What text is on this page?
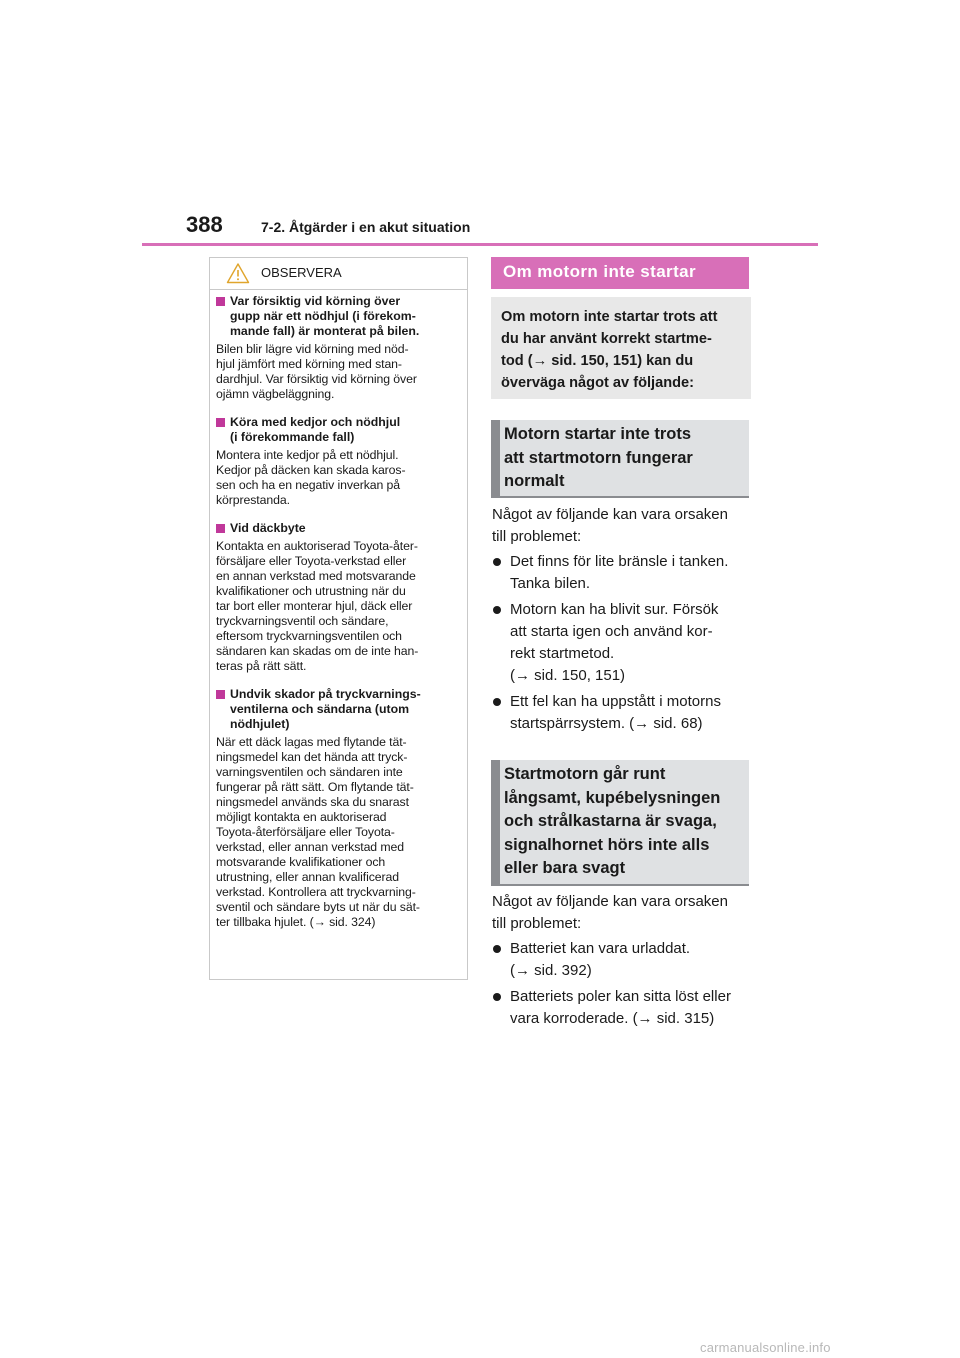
388	7-2. Åtgärder i en akut situation
OBSERVERA
Var försiktig vid körning över
gupp när ett nödhjul (i förekom-
mande fall) är monterat på bilen.
Bilen blir lägre vid körning med nöd-
hjul jämfört med körning med stan-
dardhjul. Var försiktig vid körning över
ojämn vägbeläggning.
Köra med kedjor och nödhjul
(i förekommande fall)
Montera inte kedjor på ett nödhjul.
Kedjor på däcken kan skada karos-
sen och ha en negativ inverkan på
körprestanda.
Vid däckbyte
Kontakta en auktoriserad Toyota-åter-
försäljare eller Toyota-verkstad eller
en annan verkstad med motsvarande
kvalifikationer och utrustning när du
tar bort eller monterar hjul, däck eller
tryckvarningsventil och sändare,
eftersom tryckvarningsventilen och
sändaren kan skadas om de inte han-
teras på rätt sätt.
Undvik skador på tryckvarnings-
ventilerna och sändarna (utom
nödhjulet)
När ett däck lagas med flytande tät-
ningsmedel kan det hända att tryck-
varningsventilen och sändaren inte
fungerar på rätt sätt. Om flytande tät-
ningsmedel används ska du snarast
möjligt kontakta en auktoriserad
Toyota-återförsäljare eller Toyota-
verkstad, eller annan verkstad med
motsvarande kvalifikationer och
utrustning, eller annan kvalificerad
verkstad. Kontrollera att tryckvarning-
sventil och sändare byts ut när du sät-
ter tillbaka hjulet. (→ sid. 324)
Om motorn inte startar
Om motorn inte startar trots att
du har använt korrekt startme-
tod (→ sid. 150, 151) kan du
överväga något av följande:
Motorn startar inte trots
att startmotorn fungerar
normalt
Något av följande kan vara orsaken
till problemet:
Det finns för lite bränsle i tanken.
Tanka bilen.
Motorn kan ha blivit sur. Försök
att starta igen och använd kor-
rekt startmetod.
(→ sid. 150, 151)
Ett fel kan ha uppstått i motorns
startspärrsystem. (→ sid. 68)
Startmotorn går runt
långsamt, kupébelysningen
och strålkastarna är svaga,
signalhornet hörs inte alls
eller bara svagt
Något av följande kan vara orsaken
till problemet:
Batteriet kan vara urladdat.
(→ sid. 392)
Batteriets poler kan sitta löst eller
vara korroderade. (→ sid. 315)
carmanualsonline.info
